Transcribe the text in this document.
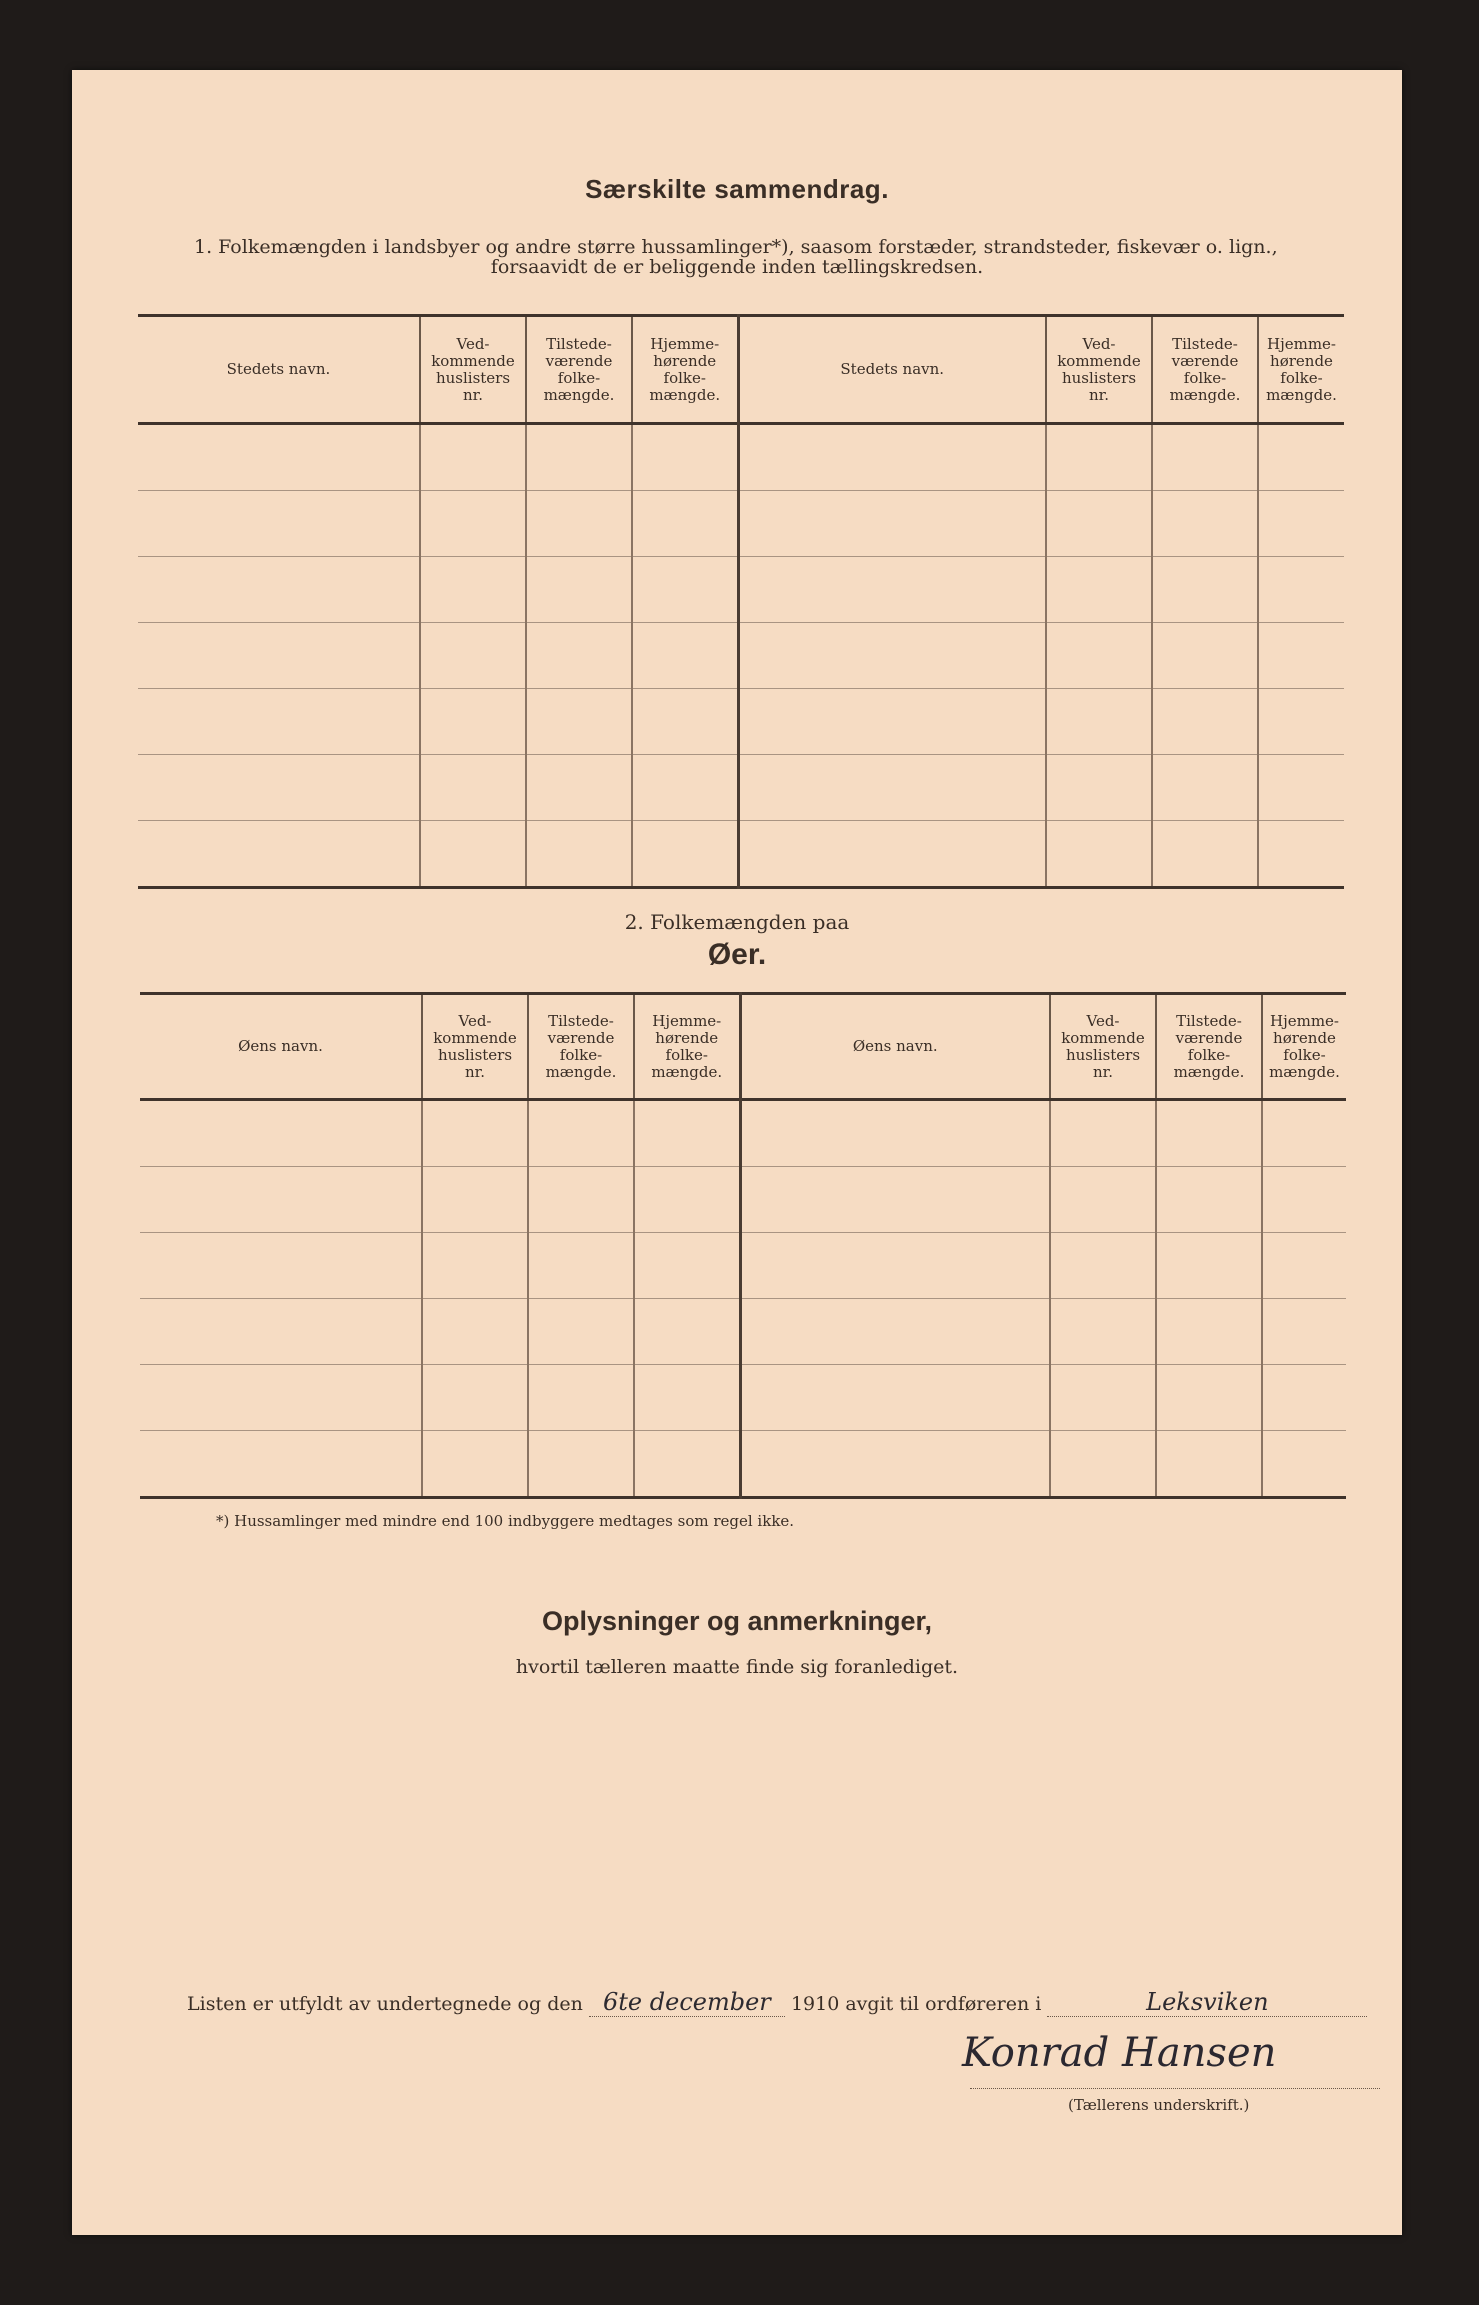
Særskilte sammendrag.
1. Folkemængden i landsbyer og andre større hussamlinger*), saasom forstæder, strandsteder, fiskevær o. lign.,
forsaavidt de er beliggende inden tællingskredsen.
Stedets navn.	Ved-kommende huslisters nr.	Tilstede-værende folke-mængde.	Hjemme-hørende folke-mængde.	Stedets navn.	Ved-kommende huslisters nr.	Tilstede-værende folke-mængde.	Hjemme-hørende folke-mængde.

2. Folkemængden paa
Øer.
Øens navn.	Ved-kommende huslisters nr.	Tilstede-værende folke-mængde.	Hjemme-hørende folke-mængde.	Øens navn.	Ved-kommende huslisters nr.	Tilstede-værende folke-mængde.	Hjemme-hørende folke-mængde.

*) Hussamlinger med mindre end 100 indbyggere medtages som regel ikke.
Oplysninger og anmerkninger,
hvortil tælleren maatte finde sig foranlediget.
Listen er utfyldt av undertegnede og den 6te december 1910 avgit til ordføreren i	Leksviken
Konrad Hansen
(Tællerens underskrift.)
